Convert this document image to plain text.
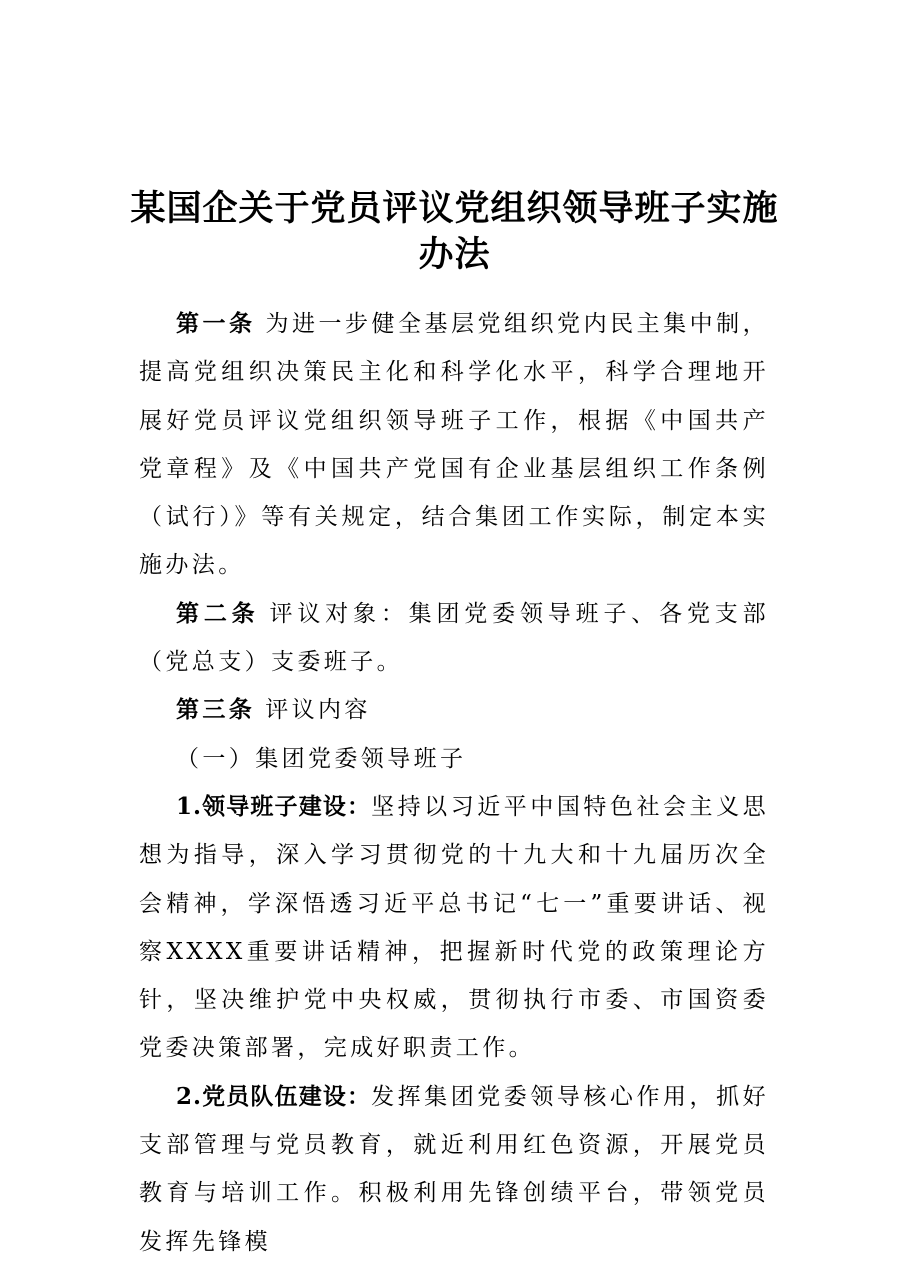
某国企关于党员评议党组织领导班子实施办法

第一条 为进一步健全基层党组织党内民主集中制，提高党组织决策民主化和科学化水平，科学合理地开展好党员评议党组织领导班子工作，根据《中国共产党章程》及《中国共产党国有企业基层组织工作条例（试行）》等有关规定，结合集团工作实际，制定本实施办法。

第二条 评议对象：集团党委领导班子、各党支部（党总支）支委班子。

第三条 评议内容

（一）集团党委领导班子

1.领导班子建设：坚持以习近平中国特色社会主义思想为指导，深入学习贯彻党的十九大和十九届历次全会精神，学深悟透习近平总书记“七一”重要讲话、视察XXXX重要讲话精神，把握新时代党的政策理论方针，坚决维护党中央权威，贯彻执行市委、市国资委党委决策部署，完成好职责工作。

2.党员队伍建设：发挥集团党委领导核心作用，抓好支部管理与党员教育，就近利用红色资源，开展党员教育与培训工作。积极利用先锋创绩平台，带领党员发挥先锋模
